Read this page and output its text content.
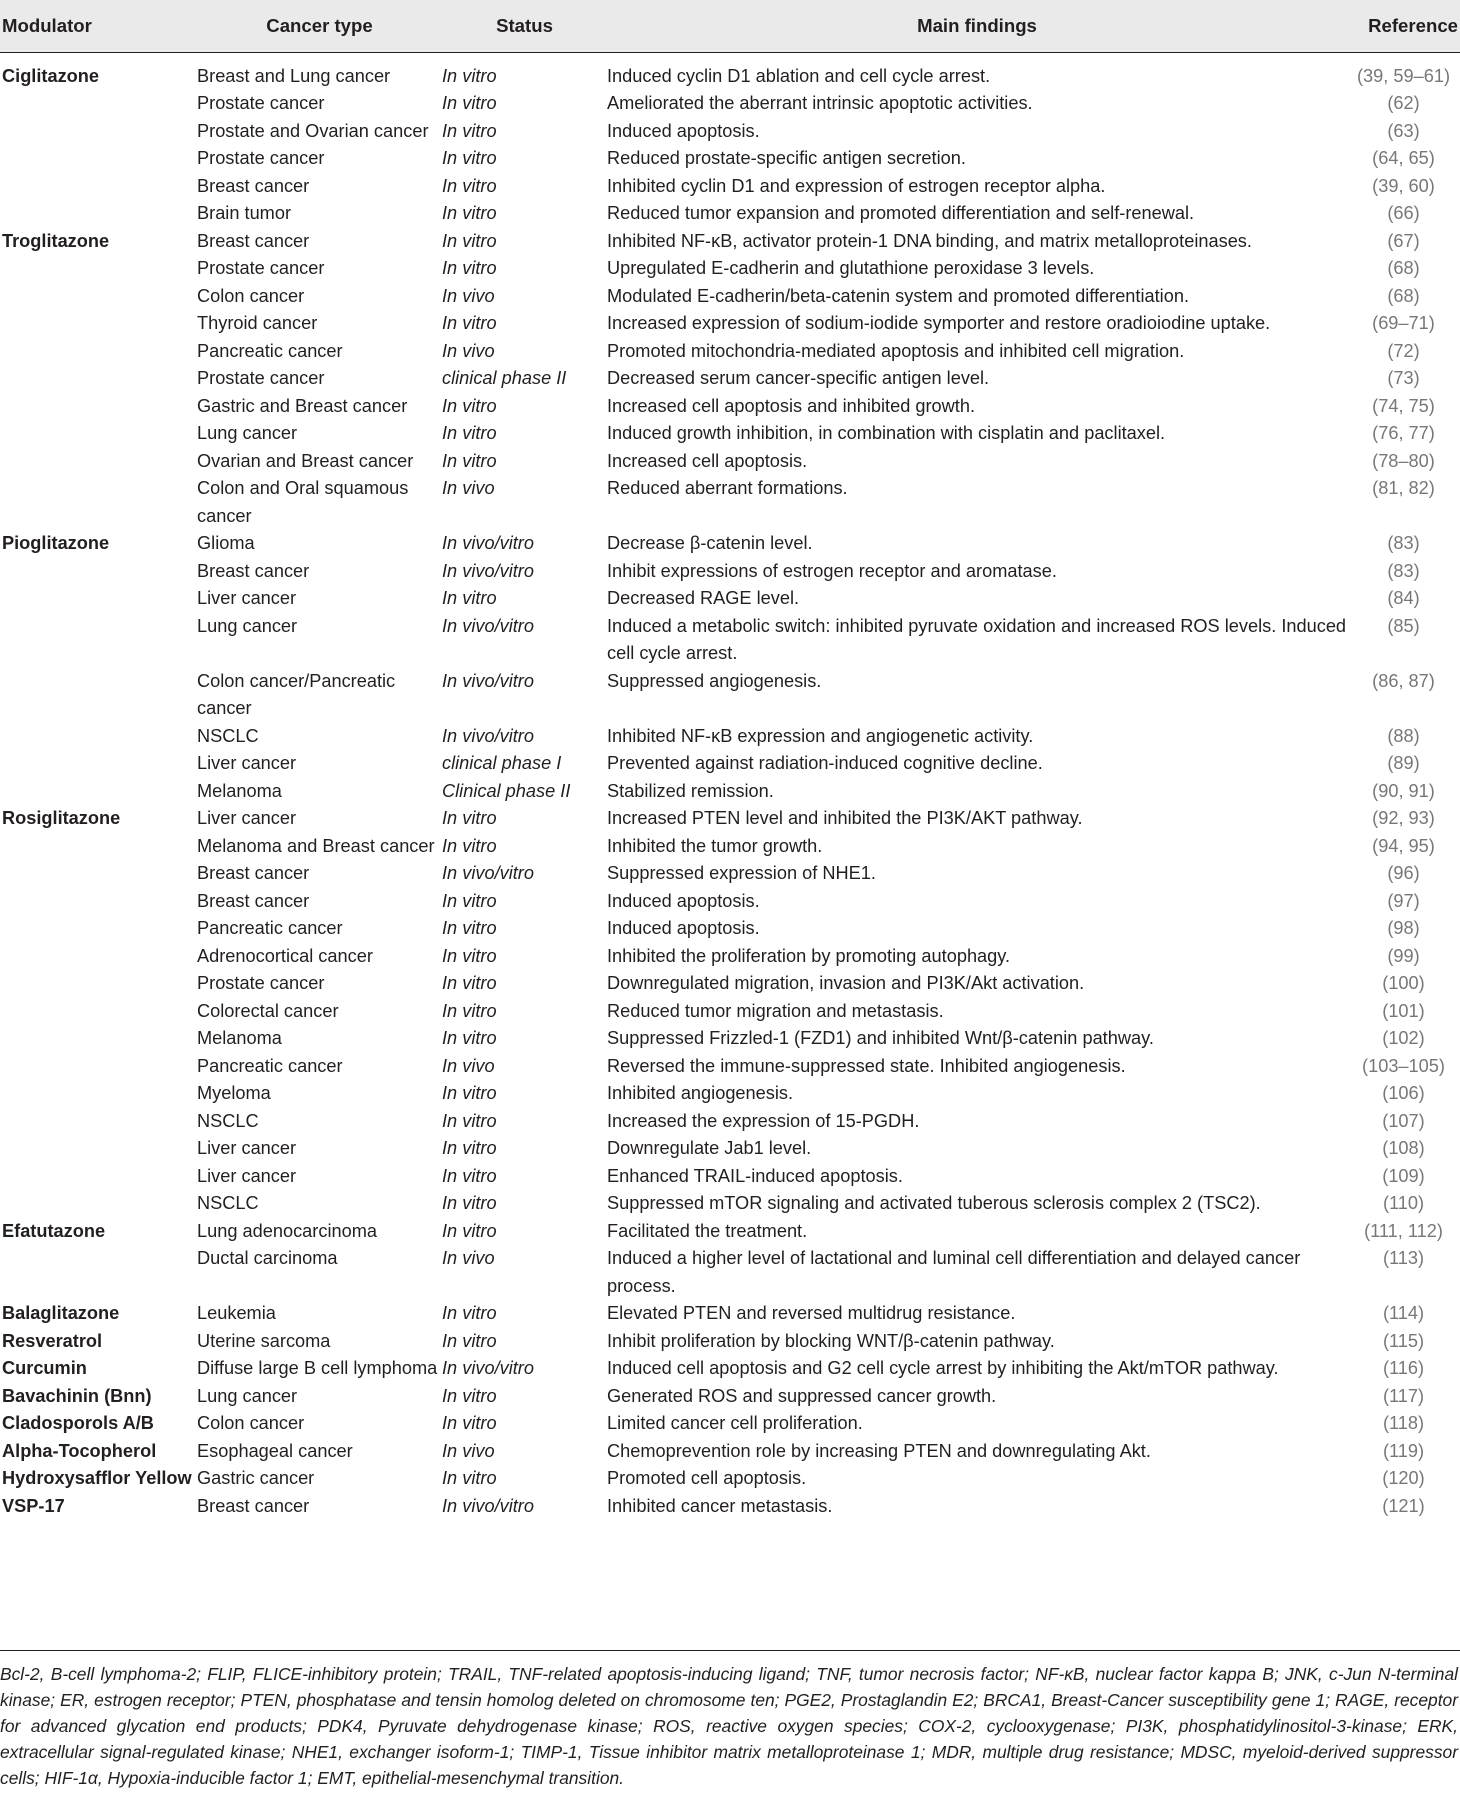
Modulator	Cancer type	Status	Main findings	Reference
Ciglitazone	Breast and Lung cancer	In vitro	Induced cyclin D1 ablation and cell cycle arrest.	(39, 59–61)
	Prostate cancer	In vitro	Ameliorated the aberrant intrinsic apoptotic activities.	(62)
	Prostate and Ovarian cancer	In vitro	Induced apoptosis.	(63)
	Prostate cancer	In vitro	Reduced prostate-specific antigen secretion.	(64, 65)
	Breast cancer	In vitro	Inhibited cyclin D1 and expression of estrogen receptor alpha.	(39, 60)
	Brain tumor	In vitro	Reduced tumor expansion and promoted differentiation and self-renewal.	(66)
Troglitazone	Breast cancer	In vitro	Inhibited NF-κB, activator protein-1 DNA binding, and matrix metalloproteinases.	(67)
	Prostate cancer	In vitro	Upregulated E-cadherin and glutathione peroxidase 3 levels.	(68)
	Colon cancer	In vivo	Modulated E-cadherin/beta-catenin system and promoted differentiation.	(68)
	Thyroid cancer	In vitro	Increased expression of sodium-iodide symporter and restore oradioiodine uptake.	(69–71)
	Pancreatic cancer	In vivo	Promoted mitochondria-mediated apoptosis and inhibited cell migration.	(72)
	Prostate cancer	clinical phase II	Decreased serum cancer-specific antigen level.	(73)
	Gastric and Breast cancer	In vitro	Increased cell apoptosis and inhibited growth.	(74, 75)
	Lung cancer	In vitro	Induced growth inhibition, in combination with cisplatin and paclitaxel.	(76, 77)
	Ovarian and Breast cancer	In vitro	Increased cell apoptosis.	(78–80)
	Colon and Oral squamous cancer	In vivo	Reduced aberrant formations.	(81, 82)
Pioglitazone	Glioma	In vivo/vitro	Decrease β-catenin level.	(83)
	Breast cancer	In vivo/vitro	Inhibit expressions of estrogen receptor and aromatase.	(83)
	Liver cancer	In vitro	Decreased RAGE level.	(84)
	Lung cancer	In vivo/vitro	Induced a metabolic switch: inhibited pyruvate oxidation and increased ROS levels. Induced cell cycle arrest.	(85)
	Colon cancer/Pancreatic cancer	In vivo/vitro	Suppressed angiogenesis.	(86, 87)
	NSCLC	In vivo/vitro	Inhibited NF-κB expression and angiogenetic activity.	(88)
	Liver cancer	clinical phase I	Prevented against radiation-induced cognitive decline.	(89)
	Melanoma	Clinical phase II	Stabilized remission.	(90, 91)
Rosiglitazone	Liver cancer	In vitro	Increased PTEN level and inhibited the PI3K/AKT pathway.	(92, 93)
	Melanoma and Breast cancer	In vitro	Inhibited the tumor growth.	(94, 95)
	Breast cancer	In vivo/vitro	Suppressed expression of NHE1.	(96)
	Breast cancer	In vitro	Induced apoptosis.	(97)
	Pancreatic cancer	In vitro	Induced apoptosis.	(98)
	Adrenocortical cancer	In vitro	Inhibited the proliferation by promoting autophagy.	(99)
	Prostate cancer	In vitro	Downregulated migration, invasion and PI3K/Akt activation.	(100)
	Colorectal cancer	In vitro	Reduced tumor migration and metastasis.	(101)
	Melanoma	In vitro	Suppressed Frizzled-1 (FZD1) and inhibited Wnt/β-catenin pathway.	(102)
	Pancreatic cancer	In vivo	Reversed the immune-suppressed state. Inhibited angiogenesis.	(103–105)
	Myeloma	In vitro	Inhibited angiogenesis.	(106)
	NSCLC	In vitro	Increased the expression of 15-PGDH.	(107)
	Liver cancer	In vitro	Downregulate Jab1 level.	(108)
	Liver cancer	In vitro	Enhanced TRAIL-induced apoptosis.	(109)
	NSCLC	In vitro	Suppressed mTOR signaling and activated tuberous sclerosis complex 2 (TSC2).	(110)
Efatutazone	Lung adenocarcinoma	In vitro	Facilitated the treatment.	(111, 112)
	Ductal carcinoma	In vivo	Induced a higher level of lactational and luminal cell differentiation and delayed cancer process.	(113)
Balaglitazone	Leukemia	In vitro	Elevated PTEN and reversed multidrug resistance.	(114)
Resveratrol	Uterine sarcoma	In vitro	Inhibit proliferation by blocking WNT/β-catenin pathway.	(115)
Curcumin	Diffuse large B cell lymphoma	In vivo/vitro	Induced cell apoptosis and G2 cell cycle arrest by inhibiting the Akt/mTOR pathway.	(116)
Bavachinin (Bnn)	Lung cancer	In vitro	Generated ROS and suppressed cancer growth.	(117)
Cladosporols A/B	Colon cancer	In vitro	Limited cancer cell proliferation.	(118)
Alpha-Tocopherol	Esophageal cancer	In vivo	Chemoprevention role by increasing PTEN and downregulating Akt.	(119)
Hydroxysafflor Yellow	Gastric cancer	In vitro	Promoted cell apoptosis.	(120)
VSP-17	Breast cancer	In vivo/vitro	Inhibited cancer metastasis.	(121)
Bcl-2, B-cell lymphoma-2; FLIP, FLICE-inhibitory protein; TRAIL, TNF-related apoptosis-inducing ligand; TNF, tumor necrosis factor; NF-κB, nuclear factor kappa B; JNK, c-Jun N-terminal kinase; ER, estrogen receptor; PTEN, phosphatase and tensin homolog deleted on chromosome ten; PGE2, Prostaglandin E2; BRCA1, Breast-Cancer susceptibility gene 1; RAGE, receptor for advanced glycation end products; PDK4, Pyruvate dehydrogenase kinase; ROS, reactive oxygen species; COX-2, cyclooxygenase; PI3K, phosphatidylinositol-3-kinase; ERK, extracellular signal-regulated kinase; NHE1, exchanger isoform-1; TIMP-1, Tissue inhibitor matrix metalloproteinase 1; MDR, multiple drug resistance; MDSC, myeloid-derived suppressor cells; HIF-1α, Hypoxia-inducible factor 1; EMT, epithelial-mesenchymal transition.
